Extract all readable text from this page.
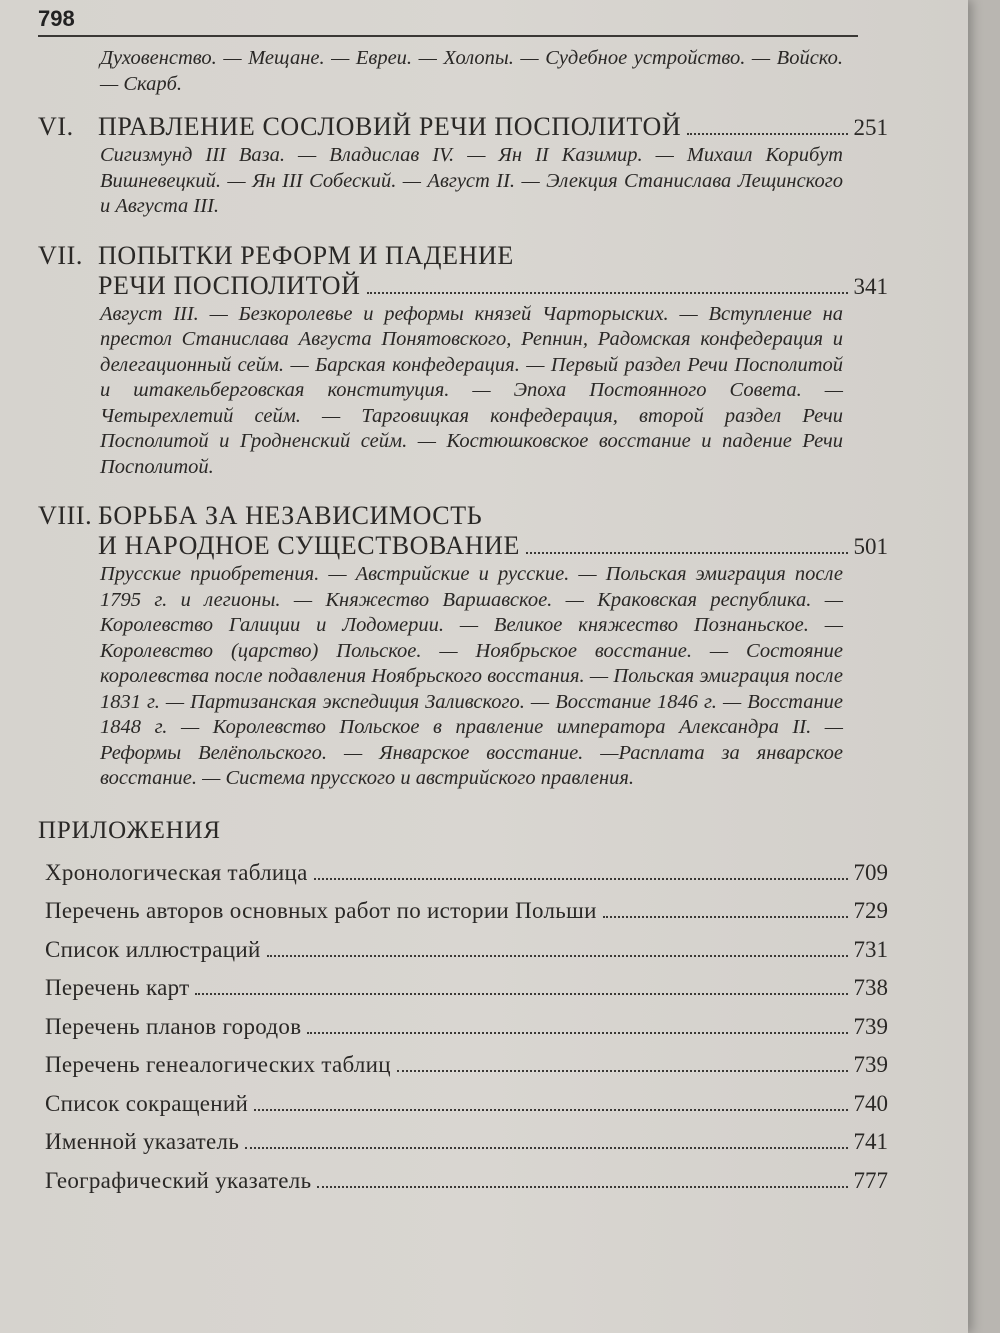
798
Духовенство. — Мещане. — Евреи. — Холопы. — Судебное устройство. — Войско. — Скарб.
VI. ПРАВЛЕНИЕ СОСЛОВИЙ РЕЧИ ПОСПОЛИТОЙ	251
Сигизмунд III Ваза. — Владислав IV. — Ян II Казимир. — Михаил Корибут Вишневецкий. — Ян III Собеский. — Август II. — Элекция Станислава Лещинского и Августа III.
VII. ПОПЫТКИ РЕФОРМ И ПАДЕНИЕ
РЕЧИ ПОСПОЛИТОЙ	341
Август III. — Безкоролевье и реформы князей Чарторыских. — Вступление на престол Станислава Августа Понятовского, Репнин, Радомская конфедерация и делегационный сейм. — Барская конфедерация. — Первый раздел Речи Посполитой и штакельберговская конституция. — Эпоха Постоянного Совета. — Четырехлетий сейм. — Тарговицкая конфедерация, второй раздел Речи Посполитой и Гродненский сейм. — Костюшковское восстание и падение Речи Посполитой.
VIII. БОРЬБА ЗА НЕЗАВИСИМОСТЬ
И НАРОДНОЕ СУЩЕСТВОВАНИЕ	501
Прусские приобретения. — Австрийские и русские. — Польская эмиграция после 1795 г. и легионы. — Княжество Варшавское. — Краковская республика. — Королевство Галиции и Лодомерии. — Великое княжество Познаньское. — Королевство (царство) Польское. — Ноябрьское восстание. — Состояние королевства после подавления Ноябрьского восстания. — Польская эмиграция после 1831 г. — Партизанская экспедиция Заливского. — Восстание 1846 г. — Восстание 1848 г. — Королевство Польское в правление императора Александра II. — Реформы Велёпольского. — Январское восстание. —Расплата за январское восстание. — Система прусского и австрийского правления.
ПРИЛОЖЕНИЯ
Хронологическая таблица	709
Перечень авторов основных работ по истории Польши	729
Список иллюстраций	731
Перечень карт	738
Перечень планов городов	739
Перечень генеалогических таблиц	739
Список сокращений	740
Именной указатель	741
Географический указатель	777
